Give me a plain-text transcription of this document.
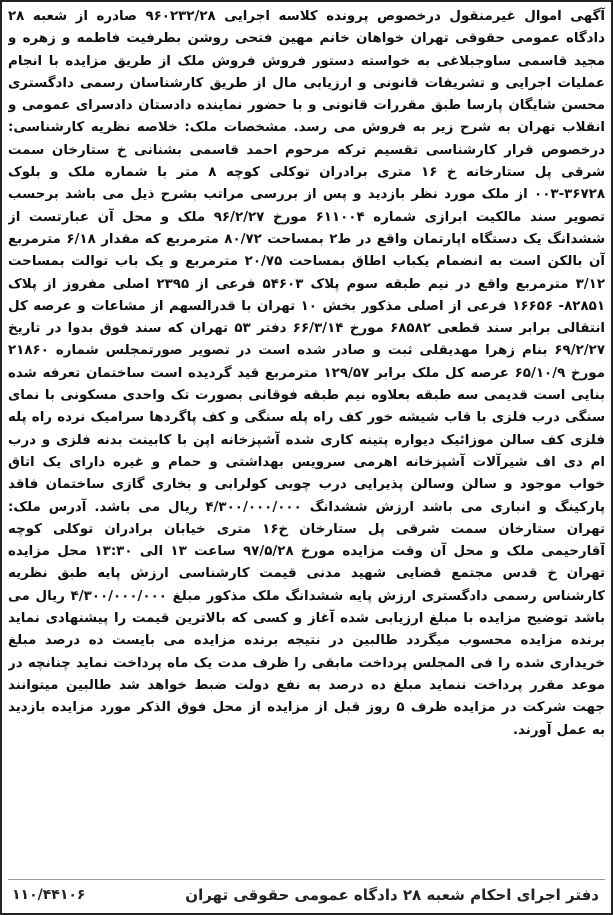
آگهی اموال غیرمنقول درخصوص پرونده کلاسه اجرایی ۹۶۰۲۳۲/۲۸ صادره از شعبه ۲۸ دادگاه عمومی حقوقی تهران خواهان خانم مهین فتحی روشن بطرفیت فاطمه و زهره و مجید قاسمی ساوجبلاغی به خواسته دستور فروش فروش ملک از طریق مزایده با انجام عملیات اجرایی و تشریفات قانونی و ارزیابی مال از طریق کارشناسان رسمی دادگستری محسن شایگان پارسا طبق مقررات قانونی و با حضور نماینده دادستان دادسرای عمومی و انقلاب تهران به شرح زیر به فروش می رسد. مشخصات ملک: خلاصه نظریه کارشناسی: درخصوص قرار کارشناسی تقسیم ترکه مرحوم احمد قاسمی بشنانی خ ستارخان سمت شرقی پل ستارخانه خ ۱۶ متری برادران توکلی کوچه ۸ متر با شماره ملک و بلوک ۳۶۷۲۸-۰۰۳ از ملک مورد نظر بازدید و پس از بررسی مراتب بشرح ذیل می باشد برحسب تصویر سند مالکیت ابرازی شماره ۶۱۱۰۰۴ مورخ ۹۶/۲/۲۷ ملک و محل آن عبارتست از ششدانگ یک دستگاه اپارتمان واقع در ط۲ بمساحت ۸۰/۷۲ مترمربع که مقدار ۶/۱۸ مترمربع آن بالکن است به انضمام یکباب اطاق بمساحت ۲۰/۷۵ مترمربع و یک باب توالت بمساحت ۳/۱۲ مترمربع واقع در نیم طبقه سوم پلاک ۵۴۶۰۳ فرعی از ۲۳۹۵ اصلی مفروز از پلاک ۸۲۸۵۱- ۱۶۶۵۶ فرعی از اصلی مذکور بخش ۱۰ تهران با قدرالسهم از مشاعات و عرصه کل انتقالی برابر سند قطعی ۶۸۵۸۲ مورخ ۶۶/۳/۱۴ دفتر ۵۳ تهران که سند فوق بدوا در تاریخ ۶۹/۲/۲۷ بنام زهرا مهدیقلی ثبت و صادر شده است در تصویر صورتمجلس شماره ۲۱۸۶۰ مورخ ۶۵/۱۰/۹ عرصه کل ملک برابر ۱۲۹/۵۷ مترمربع قید گردیده است ساختمان تعرفه شده بنایی است قدیمی سه طبقه بعلاوه نیم طبقه فوقانی بصورت تک واحدی مسکونی با نمای سنگی درب فلزی با قاب شیشه خور کف راه پله سنگی و کف پاگردها سرامیک نرده راه پله فلزی کف سالن موزائیک دیواره پتینه کاری شده آشپزخانه اپن با کابینت بدنه فلزی و درب ام دی اف شیرآلات آشپزخانه اهرمی سرویس بهداشتی و حمام و غیره دارای یک اتاق خواب موجود و سالن وسالن پذیرایی درب چوبی کولرابی و بخاری گازی ساختمان فاقد پارکینگ و انباری می باشد ارزش ششدانگ ۴/۳۰۰/۰۰۰/۰۰۰ ریال می باشد. آدرس ملک: تهران ستارخان سمت شرقی پل ستارخان خ۱۶ متری خیابان برادران توکلی کوچه آقارحیمی ملک و محل آن وقت مزایده مورخ ۹۷/۵/۲۸ ساعت ۱۳ الی ۱۳:۳۰ محل مزایده تهران خ قدس مجتمع قضایی شهید مدنی قیمت کارشناسی ارزش پایه طبق نظریه کارشناس رسمی دادگستری ارزش پایه ششدانگ ملک مذکور مبلغ ۴/۳۰۰/۰۰۰/۰۰۰ ریال می باشد توضیح مزایده با مبلغ ارزیابی شده آغاز و کسی که بالاترین قیمت را پیشنهادی نماید برنده مزایده محسوب میگردد طالبین در نتیجه برنده مزایده می بایست ده درصد مبلغ خریداری شده را فی المجلس پرداخت مابقی را ظرف مدت یک ماه پرداخت نماید چنانچه در موعد مقرر پرداخت ننماید مبلغ ده درصد به نفع دولت ضبط خواهد شد طالبین میتوانند جهت شرکت در مزایده ظرف ۵ روز قبل از مزایده از محل فوق الذکر مورد مزایده بازدید به عمل آورند.

دفتر اجرای احکام شعبه ۲۸ دادگاه عمومی حقوقی تهران
۱۱۰/۴۴۱۰۶
